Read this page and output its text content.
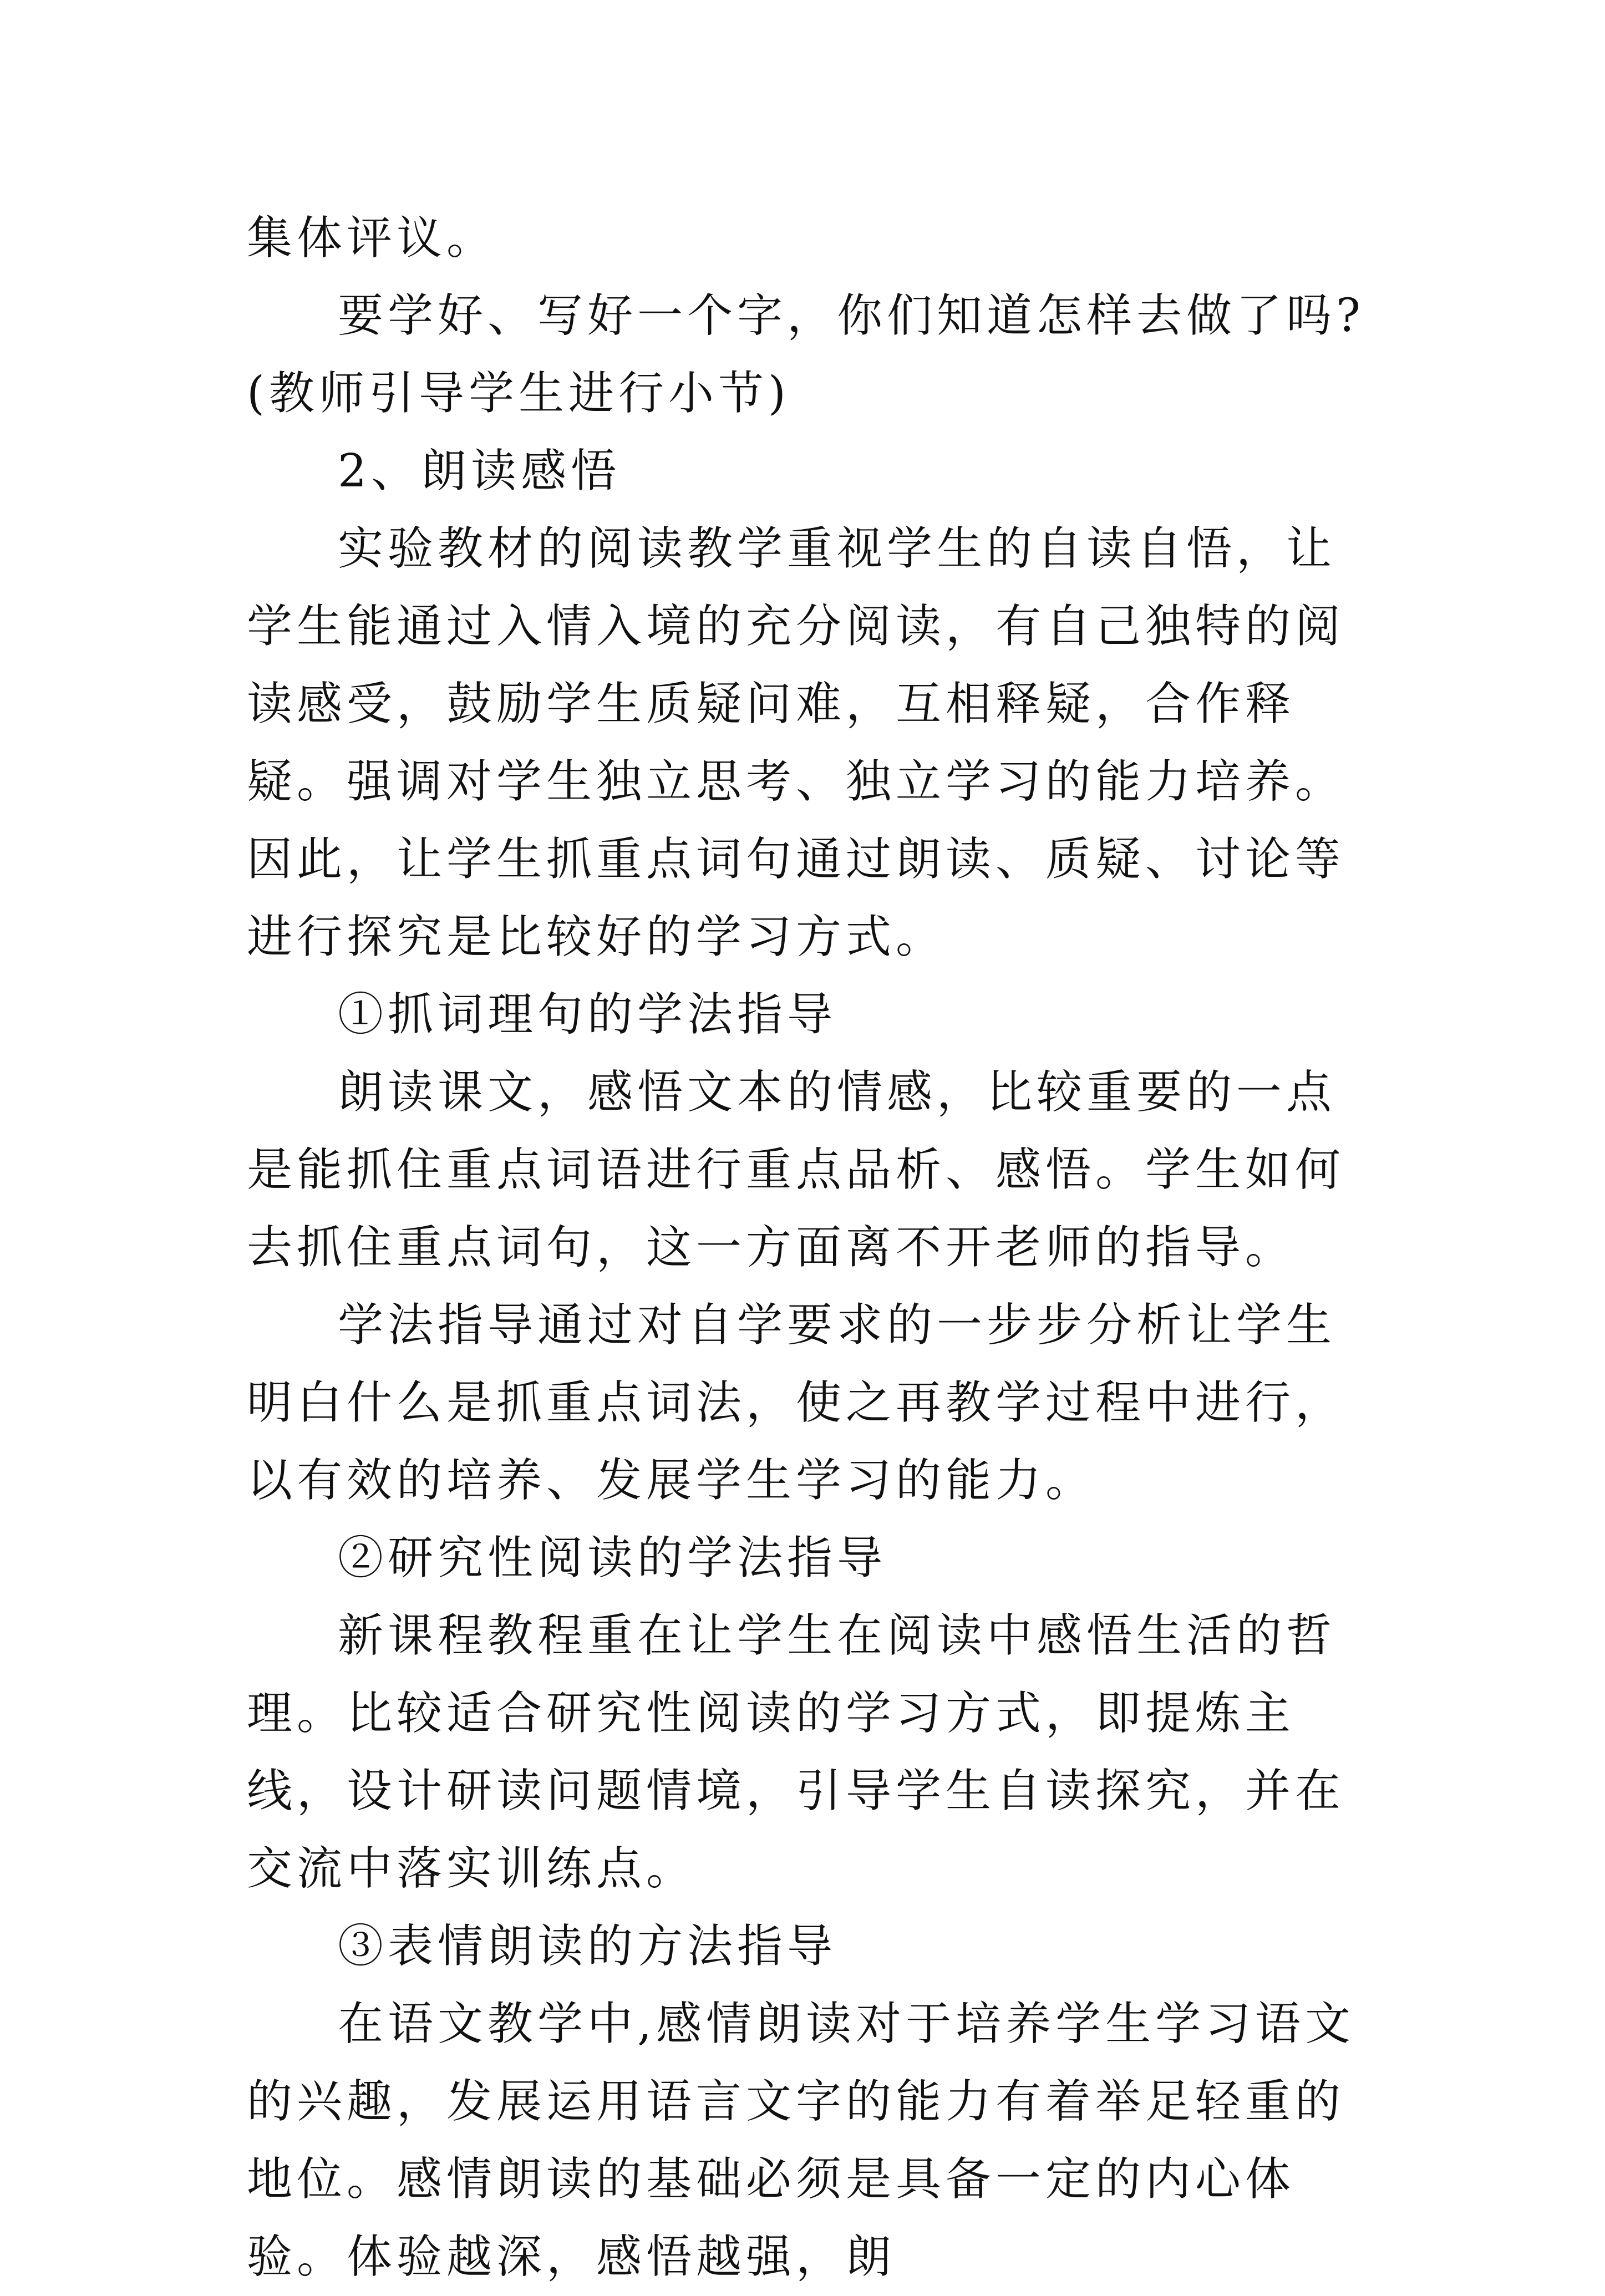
集体评议。

要学好、写好一个字，你们知道怎样去做了吗?(教师引导学生进行小节)

2、朗读感悟

实验教材的阅读教学重视学生的自读自悟，让学生能通过入情入境的充分阅读，有自己独特的阅读感受，鼓励学生质疑问难，互相释疑，合作释疑。强调对学生独立思考、独立学习的能力培养。因此，让学生抓重点词句通过朗读、质疑、讨论等进行探究是比较好的学习方式。

①抓词理句的学法指导

朗读课文，感悟文本的情感，比较重要的一点是能抓住重点词语进行重点品析、感悟。学生如何去抓住重点词句，这一方面离不开老师的指导。

学法指导通过对自学要求的一步步分析让学生明白什么是抓重点词法，使之再教学过程中进行，以有效的培养、发展学生学习的能力。

②研究性阅读的学法指导

新课程教程重在让学生在阅读中感悟生活的哲理。比较适合研究性阅读的学习方式，即提炼主线，设计研读问题情境，引导学生自读探究，并在交流中落实训练点。

③表情朗读的方法指导

在语文教学中,感情朗读对于培养学生学习语文的兴趣，发展运用语言文字的能力有着举足轻重的地位。感情朗读的基础必须是具备一定的内心体验。体验越深，感悟越强，朗
